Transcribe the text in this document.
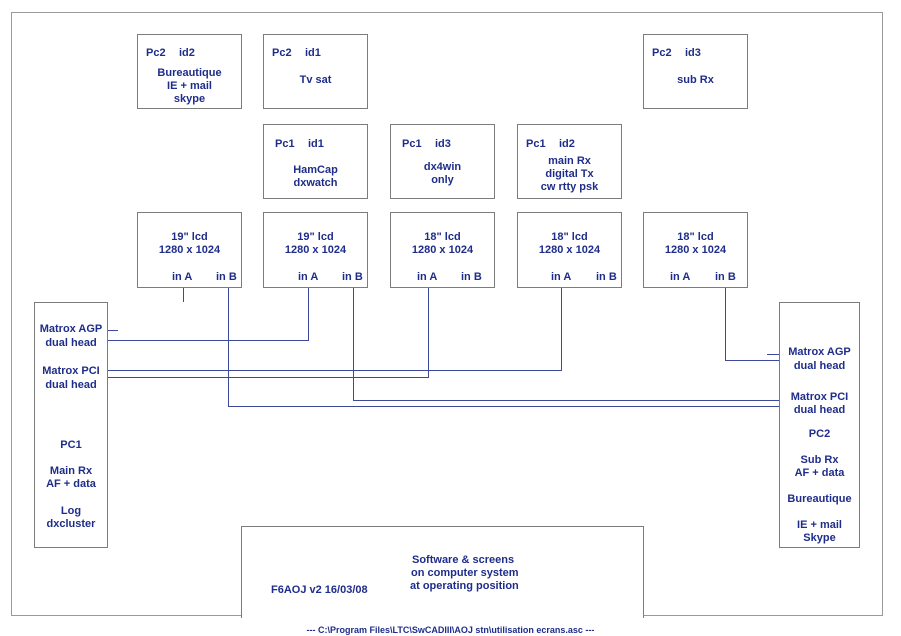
Pc2 id2
Bureautique
IE + mail
skype
Pc2 id1
Tv sat
Pc2 id3
sub Rx
Pc1 id1
HamCap
dxwatch
Pc1 id3
dx4win
only
Pc1 id2
main Rx
digital Tx
cw rtty psk
19" lcd
1280 x 1024
in A in B
19" lcd
1280 x 1024
in A in B
18" lcd
1280 x 1024
in A in B
18" lcd
1280 x 1024
in A in B
18" lcd
1280 x 1024
in A in B
Matrox AGP
dual head
Matrox PCI
dual head
PC1
Main Rx
AF + data
Log
dxcluster
Matrox AGP
dual head
Matrox PCI
dual head
PC2
Sub Rx
AF + data
Bureautique
IE + mail
Skype
Software & screens
on computer system
at operating position
F6AOJ v2 16/03/08
--- C:\Program Files\LTC\SwCADIII\AOJ stn\utilisation ecrans.asc ---
